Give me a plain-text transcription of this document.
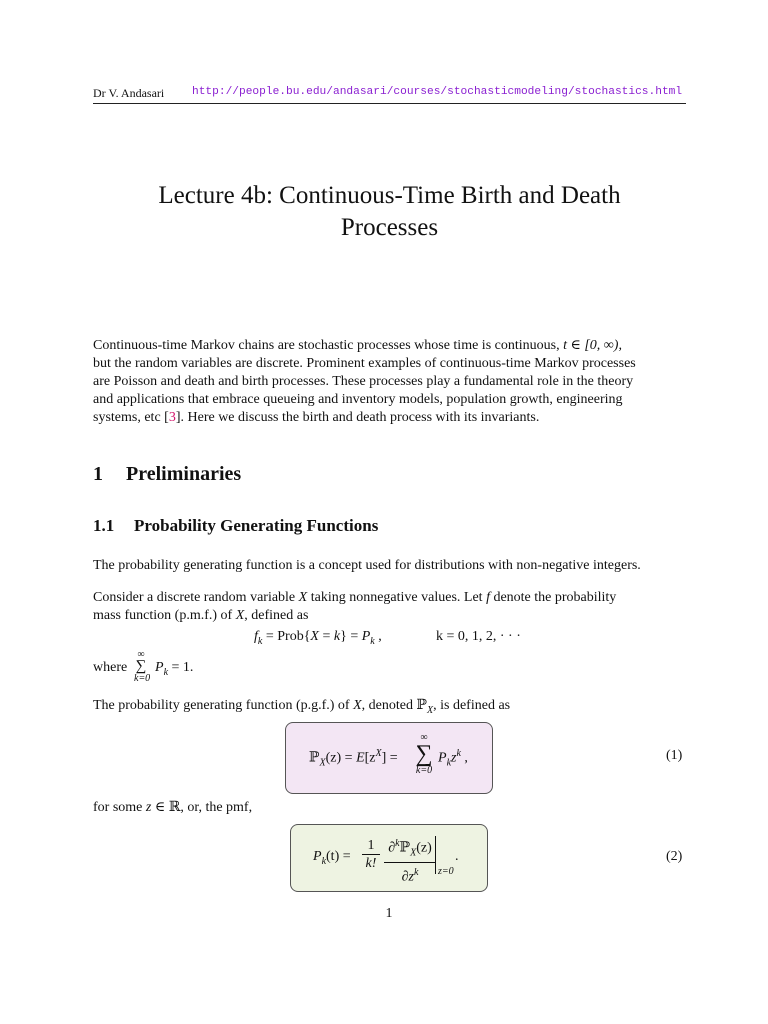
Dr V. Andasari http://people.bu.edu/andasari/courses/stochasticmodeling/stochastics.html
Lecture 4b: Continuous-Time Birth and Death
Processes
Continuous-time Markov chains are stochastic processes whose time is continuous, t ∈ [0, ∞),
but the random variables are discrete. Prominent examples of continuous-time Markov processes
are Poisson and death and birth processes. These processes play a fundamental role in the theory
and applications that embrace queueing and inventory models, population growth, engineering
systems, etc [3]. Here we discuss the birth and death process with its invariants.
1 Preliminaries
1.1 Probability Generating Functions
The probability generating function is a concept used for distributions with non-negative integers.
Consider a discrete random variable X taking nonnegative values. Let f denote the probability
mass function (p.m.f.) of X, defined as
$f_k$ = Prob{X = $k\} = P_k$ ,	k = 0, 1, 2, · · ·
where
∞
∑
k=0
$P_k = 1$.
The probability generating function (p.g.f.) of X, denoted ℙ$_X$, is defined as
ℙ$_X$(z) = $E[z^X]$ =
∞
∑
k=0
$P_kz^k$ ,	(1)
for some z ∈ ℝ, or, the pmf,
$P_k(t)$ =
1
k!
∂$^k$ℙ$_X$(z)
$\partial z^k$	z=0
.	(2)
1
